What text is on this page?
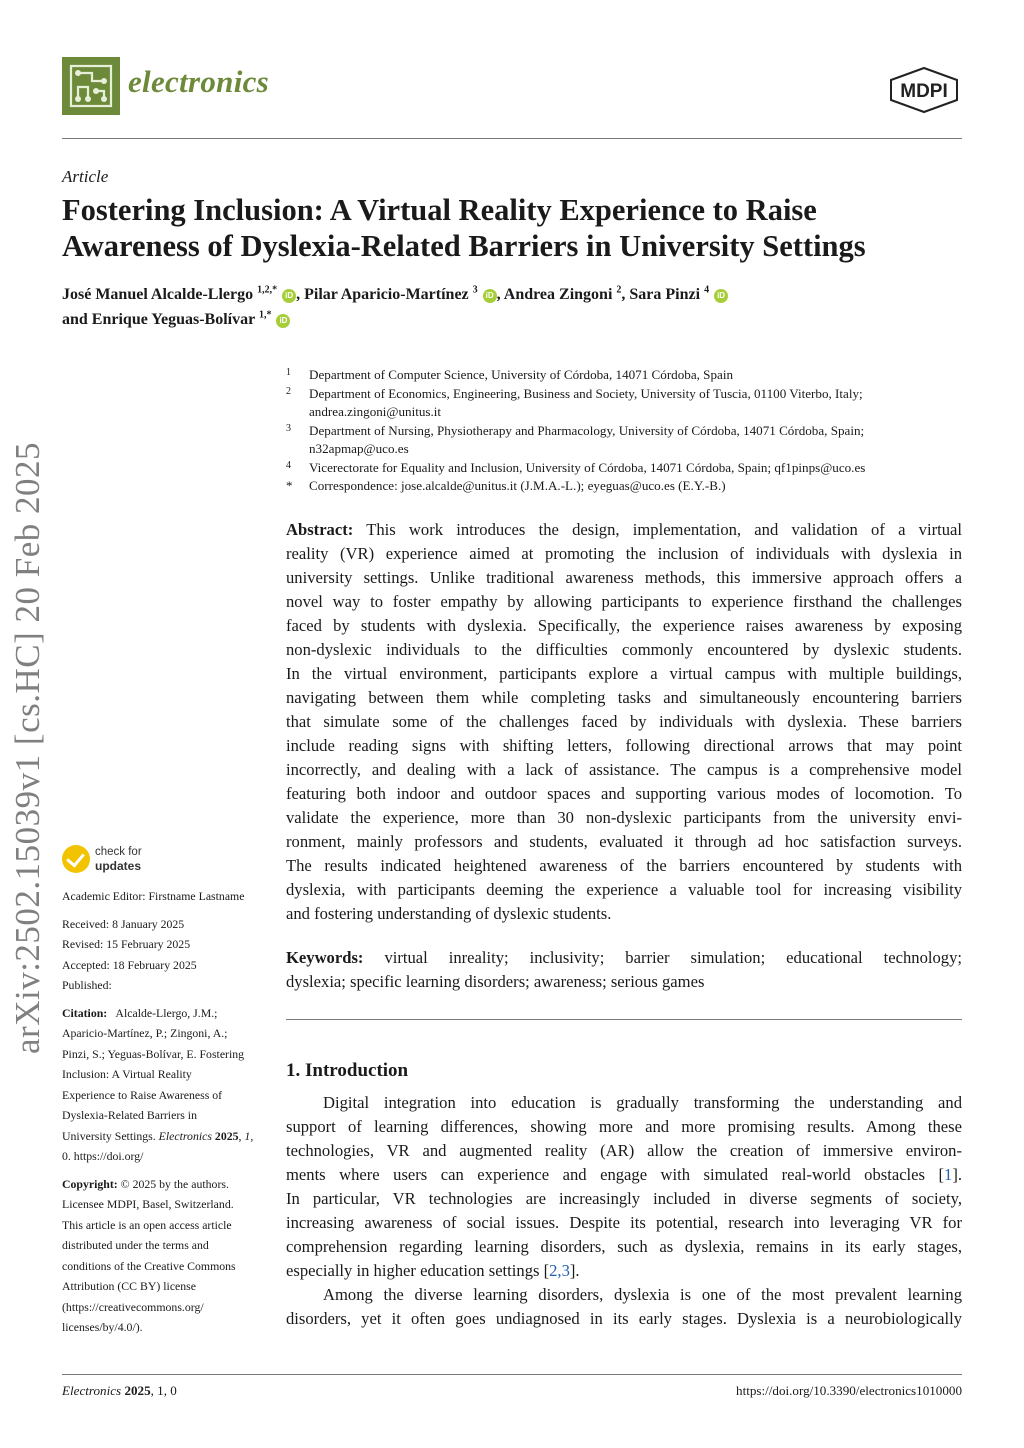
electronics	MDPI
Article
Fostering Inclusion: A Virtual Reality Experience to Raise
Awareness of Dyslexia-Related Barriers in University Settings
José Manuel Alcalde-Llergo $^{1,2,*}$ iD , Pilar Aparicio-Martínez $^3$ iD , Andrea Zingoni $^2$, Sara Pinzi $^4$ iD
and Enrique Yeguas-Bolívar $^{1,*}$ iD
1 Department of Computer Science, University of Córdoba, 14071 Córdoba, Spain
2 Department of Economics, Engineering, Business and Society, University of Tuscia, 01100 Viterbo, Italy; andrea.zingoni@unitus.it
3 Department of Nursing, Physiotherapy and Pharmacology, University of Córdoba, 14071 Córdoba, Spain; n32apmap@uco.es
4 Vicerectorate for Equality and Inclusion, University of Córdoba, 14071 Córdoba, Spain; qf1pinps@uco.es
* Correspondence: jose.alcalde@unitus.it (J.M.A.-L.); eyeguas@uco.es (E.Y.-B.)
arXiv:2502.15039v1 [cs.HC] 20 Feb 2025	Abstract: This work introduces the design, implementation, and validation of a virtual
reality (VR) experience aimed at promoting the inclusion of individuals with dyslexia in
university settings. Unlike traditional awareness methods, this immersive approach offers a
novel way to foster empathy by allowing participants to experience firsthand the challenges
faced by students with dyslexia. Specifically, the experience raises awareness by exposing
non-dyslexic individuals to the difficulties commonly encountered by dyslexic students.
In the virtual environment, participants explore a virtual campus with multiple buildings,
navigating between them while completing tasks and simultaneously encountering barriers
that simulate some of the challenges faced by individuals with dyslexia. These barriers
include reading signs with shifting letters, following directional arrows that may point
incorrectly, and dealing with a lack of assistance. The campus is a comprehensive model
featuring both indoor and outdoor spaces and supporting various modes of locomotion. To
validate the experience, more than 30 non-dyslexic participants from the university envi-
ronment, mainly professors and students, evaluated it through ad hoc satisfaction surveys.
The results indicated heightened awareness of the barriers encountered by students with
dyslexia, with participants deeming the experience a valuable tool for increasing visibility
and fostering understanding of dyslexic students.
Keywords: virtual inreality; inclusivity; barrier simulation; educational technology;
dyslexia; specific learning disorders; awareness; serious games
1. Introduction
Digital integration into education is gradually transforming the understanding and
support of learning differences, showing more and more promising results. Among these
technologies, VR and augmented reality (AR) allow the creation of immersive environ-
ments where users can experience and engage with simulated real-world obstacles [1].
In particular, VR technologies are increasingly included in diverse segments of society,
increasing awareness of social issues. Despite its potential, research into leveraging VR for
comprehension regarding learning disorders, such as dyslexia, remains in its early stages,
especially in higher education settings [2,3].
Among the diverse learning disorders, dyslexia is one of the most prevalent learning
disorders, yet it often goes undiagnosed in its early stages. Dyslexia is a neurobiologically
check for
updates
Academic Editor: Firstname Lastname
Received: 8 January 2025
Revised: 15 February 2025
Accepted: 18 February 2025
Published:
Citation: Alcalde-Llergo, J.M.;
Aparicio-Martínez, P.; Zingoni, A.;
Pinzi, S.; Yeguas-Bolívar, E. Fostering
Inclusion: A Virtual Reality
Experience to Raise Awareness of
Dyslexia-Related Barriers in
University Settings. Electronics 2025, 1,
0. https://doi.org/
Copyright: © 2025 by the authors.
Licensee MDPI, Basel, Switzerland.
This article is an open access article
distributed under the terms and
conditions of the Creative Commons
Attribution (CC BY) license
(https://creativecommons.org/
licenses/by/4.0/).
Electronics 2025, 1, 0	https://doi.org/10.3390/electronics1010000
